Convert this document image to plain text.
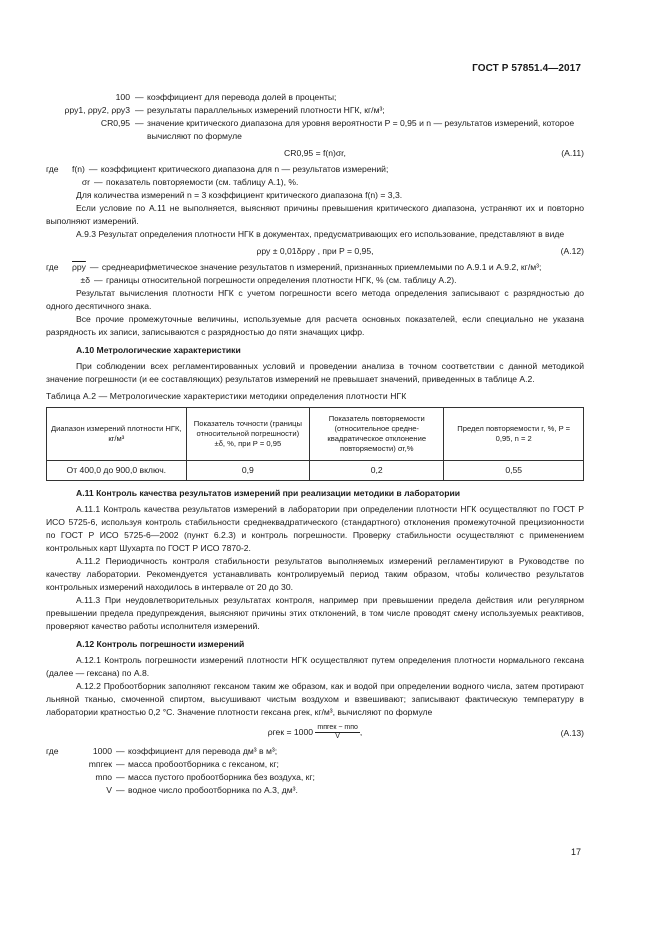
ГОСТ Р 57851.4—2017
100 — коэффициент для перевода долей в проценты;
ρру1, ρру2, ρру3 — результаты параллельных измерений плотности НГК, кг/м³;
CR0,95 — значение критического диапазона для уровня вероятности P = 0,95 и n — результатов измерений, которое вычисляют по формуле
CR0,95 = f(n)σr,	(А.11)
где	f(n) — коэффициент критического диапазона для n — результатов измерений;
σr — показатель повторяемости (см. таблицу А.1), %.

Для количества измерений n = 3 коэффициент критического диапазона f(n) = 3,3.

Если условие по А.11 не выполняется, выясняют причины превышения критического диапазона, устраняют их и повторно выполняют измерений.

А.9.3 Результат определения плотности НГК в документах, предусматривающих его использование, представляют в виде

ρру ± 0,01δρру , при P = 0,95,	(А.12)
где	ρру — среднеарифметическое значение результатов n измерений, признанных приемлемыми по А.9.1 и А.9.2, кг/м³;
±δ — границы относительной погрешности определения плотности НГК, % (см. таблицу А.2).

Результат вычисления плотности НГК с учетом погрешности всего метода определения записывают с разрядностью до одного десятичного знака.

Все прочие промежуточные величины, используемые для расчета основных показателей, если специально не указана разрядность их записи, записываются с разрядностью до пяти значащих цифр.

А.10 Метрологические характеристики

При соблюдении всех регламентированных условий и проведении анализа в точном соответствии с данной методикой значение погрешности (и ее составляющих) результатов измерений не превышает значений, приведенных в таблице А.2.

Таблица А.2 — Метрологические характеристики методики определения плотности НГК

Диапазон измерений плотности НГК, кг/м³	Показатель точности (границы относительной погрешности) ±δ, %, при P = 0,95	Показатель повторяемости (относительное средне-квадратическое отклонение повторяемости) σr,%	Предел повторяемости r, %, P = 0,95, n = 2
От 400,0 до 900,0 включ.	0,9	0,2	0,55

А.11 Контроль качества результатов измерений при реализации методики в лаборатории

А.11.1 Контроль качества результатов измерений в лаборатории при определении плотности НГК осуществляют по ГОСТ Р ИСО 5725-6, используя контроль стабильности среднеквадратического (стандартного) отклонения промежуточной прецизионности по ГОСТ Р ИСО 5725-6—2002 (пункт 6.2.3) и контроль погрешности. Проверку стабильности осуществляют с применением контрольных карт Шухарта по ГОСТ Р ИСО 7870-2.

А.11.2 Периодичность контроля стабильности результатов выполняемых измерений регламентируют в Руководстве по качеству лаборатории. Рекомендуется устанавливать контролируемый период таким образом, чтобы количество результатов контрольных измерений находилось в интервале от 20 до 30.

А.11.3 При неудовлетворительных результатах контроля, например при превышении предела действия или регулярном превышении предела предупреждения, выясняют причины этих отклонений, в том числе проводят смену используемых реактивов, проверяют качество работы исполнителя измерений.

А.12 Контроль погрешности измерений

А.12.1 Контроль погрешности измерений плотности НГК осуществляют путем определения плотности нормального гексана (далее — гексана) по А.8.

А.12.2 Пробоотборник заполняют гексаном таким же образом, как и водой при определении водного числа, затем протирают льняной тканью, смоченной спиртом, высушивают чистым воздухом и взвешивают; записывают фактическую температуру в лаборатории кратностью 0,2 °С. Значение плотности гексана ρгек, кг/м³, вычисляют по формуле

$\rho гек = 1000 \frac{\text{mпгек − mпо}}{V}$ ,	(А.13)
где	1000 — коэффициент для перевода дм³ в м³;
mпгек — масса пробоотборника с гексаном, кг;
mпо — масса пустого пробоотборника без воздуха, кг;
V — водное число пробоотборника по А.3, дм³.
17
